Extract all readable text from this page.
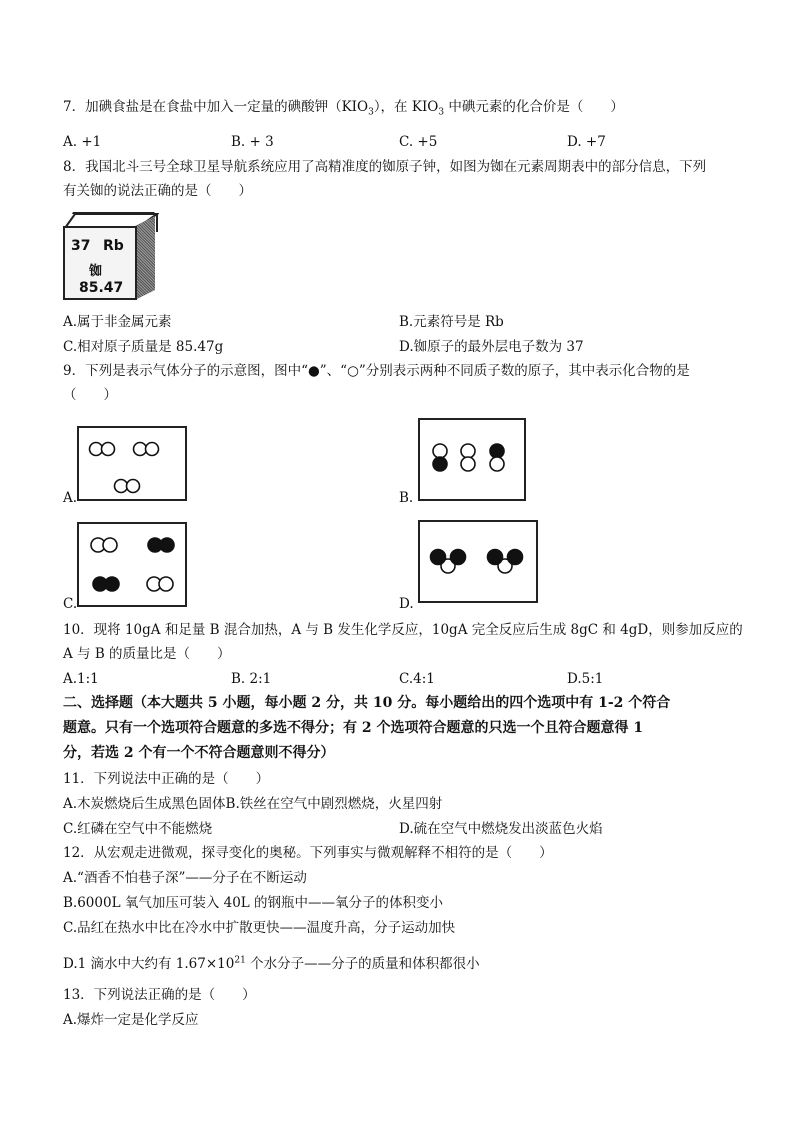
7．加碘食盐是在食盐中加入一定量的碘酸钾$(KIO_3)$，在 $KIO_3$ 中碘元素的化合价是（　　）
A. +1	B. + 3	C. +5	D. +7
8．我国北斗三号全球卫星导航系统应用了高精准度的铷原子钟，如图为铷在元素周期表中的部分信息，下列
有关铷的说法正确的是（　　）
37 Rb
铷
85.47
A.属于非金属元素	B.元素符号是 Rb
C.相对原子质量是 85.47g	D.铷原子的最外层电子数为 37
9．下列是表示气体分子的示意图，图中“●”、“○”分别表示两种不同质子数的原子，其中表示化合物的是
（　　）
A.	B.
C.	D.
10．现将 10gA 和足量 B 混合加热，A 与 B 发生化学反应，10gA 完全反应后生成 8gC 和 4gD，则参加反应的
A 与 B 的质量比是（　　）
A.1:1	B. 2:1	C.4:1	D.5:1
二、选择题（本大题共 5 小题，每小题 2 分，共 10 分。每小题给出的四个选项中有 1-2 个符合
题意。只有一个选项符合题意的多选不得分；有 2 个选项符合题意的只选一个且符合题意得 1
分，若选 2 个有一个不符合题意则不得分）
11．下列说法中正确的是（　　）
A.木炭燃烧后生成黑色固体B.铁丝在空气中剧烈燃烧，火星四射
C.红磷在空气中不能燃烧	D.硫在空气中燃烧发出淡蓝色火焰
12．从宏观走进微观，探寻变化的奥秘。下列事实与微观解释不相符的是（　　）
A.“酒香不怕巷子深”——分子在不断运动
B.6000L 氧气加压可装入 40L 的钢瓶中——氧分子的体积变小
C.品红在热水中比在冷水中扩散更快——温度升高，分子运动加快
D.1 滴水中大约有 $1.67\times 10^{21}$ 个水分子——分子的质量和体积都很小
13．下列说法正确的是（　　）
A.爆炸一定是化学反应
